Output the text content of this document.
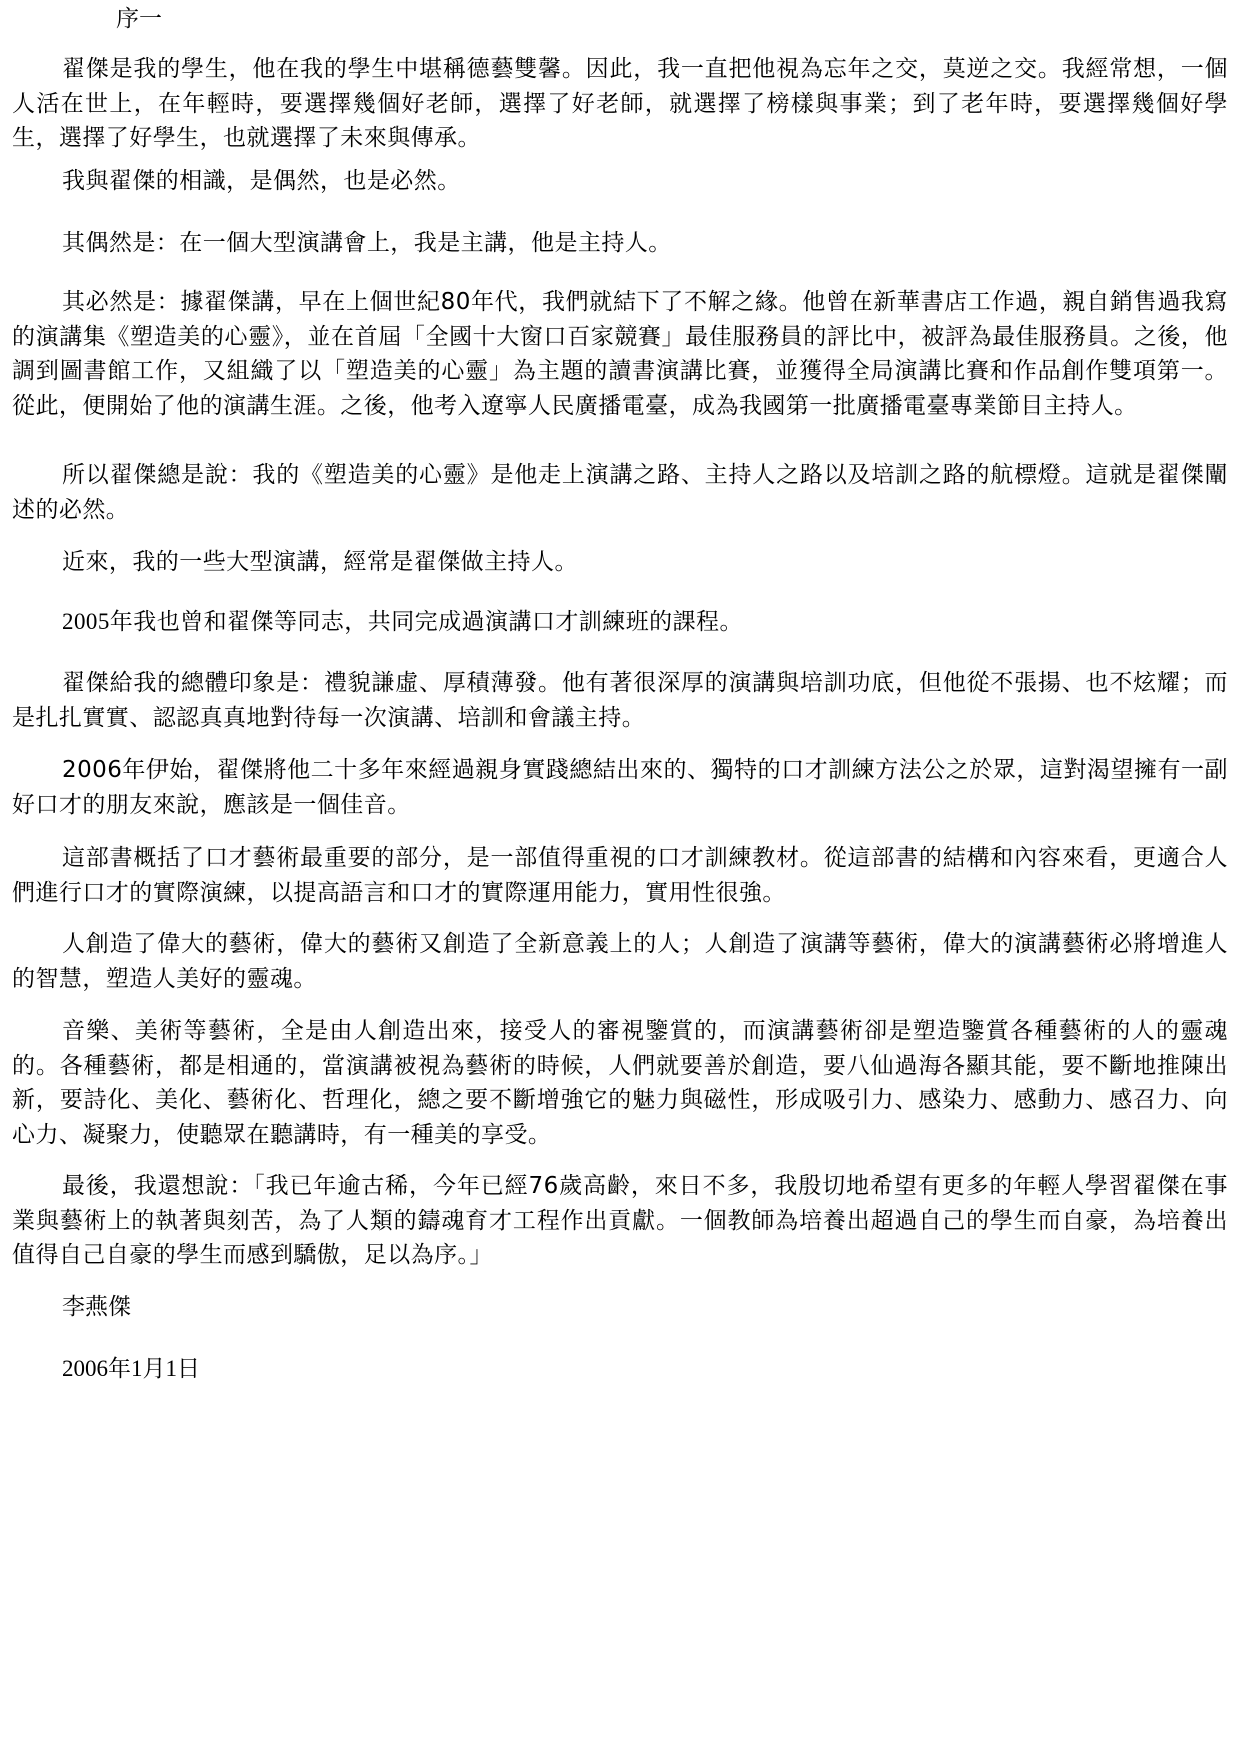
序一

翟傑是我的學生，他在我的學生中堪稱德藝雙馨。因此，我一直把他視為忘年之交，莫逆之交。我經常想，一個人活在世上，在年輕時，要選擇幾個好老師，選擇了好老師，就選擇了榜樣與事業；到了老年時，要選擇幾個好學生，選擇了好學生，也就選擇了未來與傳承。

我與翟傑的相識，是偶然，也是必然。

其偶然是：在一個大型演講會上，我是主講，他是主持人。

其必然是：據翟傑講，早在上個世紀80年代，我們就結下了不解之緣。他曾在新華書店工作過，親自銷售過我寫的演講集《塑造美的心靈》，並在首屆「全國十大窗口百家競賽」最佳服務員的評比中，被評為最佳服務員。之後，他調到圖書館工作，又組織了以「塑造美的心靈」為主題的讀書演講比賽，並獲得全局演講比賽和作品創作雙項第一。從此，便開始了他的演講生涯。之後，他考入遼寧人民廣播電臺，成為我國第一批廣播電臺專業節目主持人。

所以翟傑總是說：我的《塑造美的心靈》是他走上演講之路、主持人之路以及培訓之路的航標燈。這就是翟傑闡述的必然。

近來，我的一些大型演講，經常是翟傑做主持人。

2005年我也曾和翟傑等同志，共同完成過演講口才訓練班的課程。

翟傑給我的總體印象是：禮貌謙虛、厚積薄發。他有著很深厚的演講與培訓功底，但他從不張揚、也不炫耀；而是扎扎實實、認認真真地對待每一次演講、培訓和會議主持。

2006年伊始，翟傑將他二十多年來經過親身實踐總結出來的、獨特的口才訓練方法公之於眾，這對渴望擁有一副好口才的朋友來說，應該是一個佳音。

這部書概括了口才藝術最重要的部分，是一部值得重視的口才訓練教材。從這部書的結構和內容來看，更適合人們進行口才的實際演練，以提高語言和口才的實際運用能力，實用性很強。

人創造了偉大的藝術，偉大的藝術又創造了全新意義上的人；人創造了演講等藝術，偉大的演講藝術必將增進人的智慧，塑造人美好的靈魂。

音樂、美術等藝術，全是由人創造出來，接受人的審視鑒賞的，而演講藝術卻是塑造鑒賞各種藝術的人的靈魂的。各種藝術，都是相通的，當演講被視為藝術的時候，人們就要善於創造，要八仙過海各顯其能，要不斷地推陳出新，要詩化、美化、藝術化、哲理化，總之要不斷增強它的魅力與磁性，形成吸引力、感染力、感動力、感召力、向心力、凝聚力，使聽眾在聽講時，有一種美的享受。

最後，我還想說：「我已年逾古稀，今年已經76歲高齡，來日不多，我殷切地希望有更多的年輕人學習翟傑在事業與藝術上的執著與刻苦，為了人類的鑄魂育才工程作出貢獻。一個教師為培養出超過自己的學生而自豪，為培養出值得自己自豪的學生而感到驕傲，足以為序。」

李燕傑

2006年1月1日
